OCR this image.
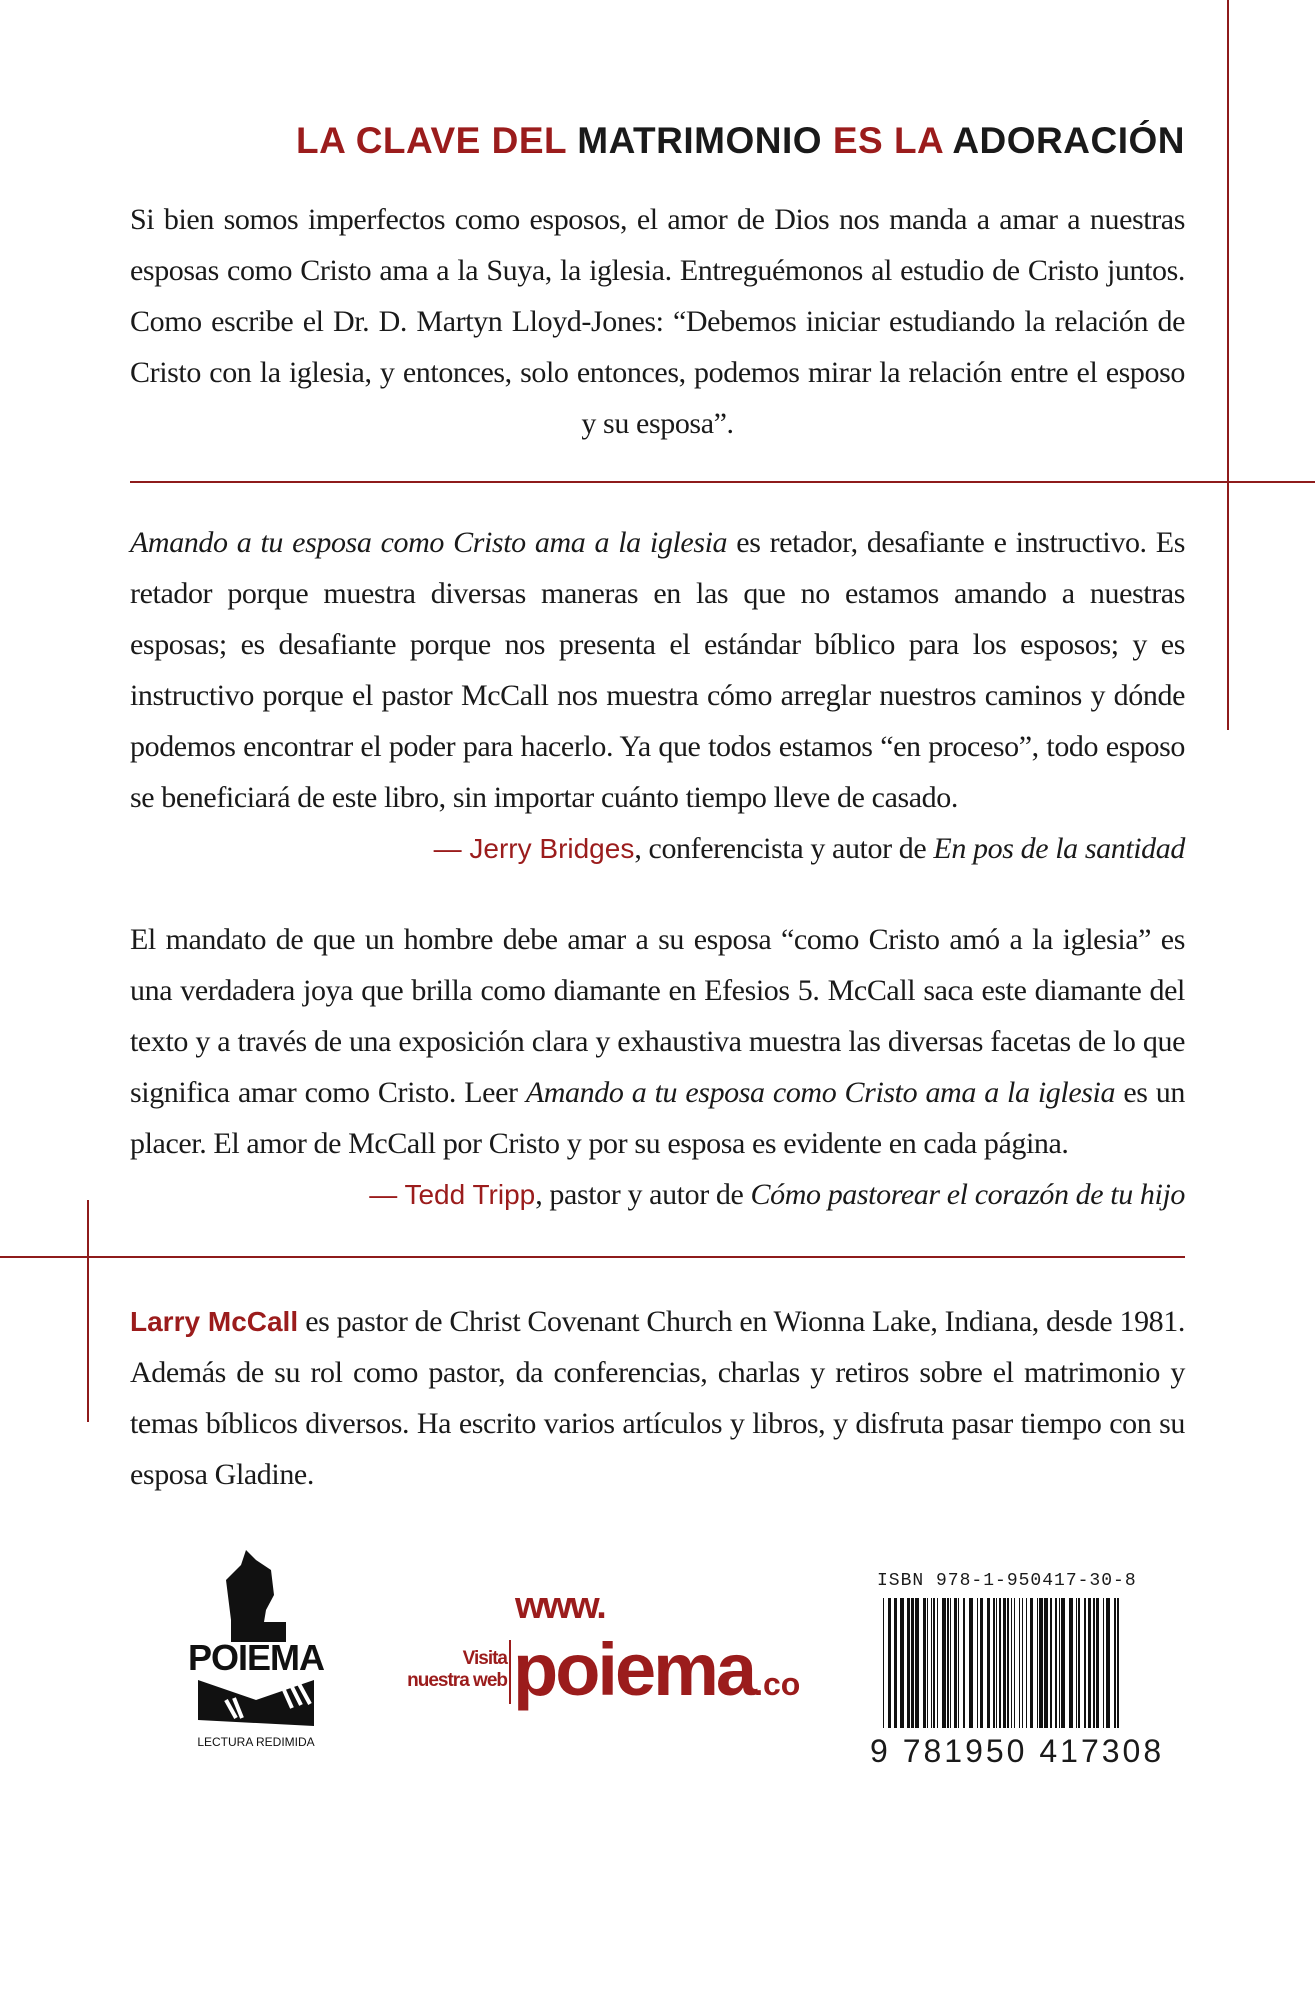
LA CLAVE DEL MATRIMONIO ES LA ADORACIÓN
Si bien somos imperfectos como esposos, el amor de Dios nos manda a amar a nuestras esposas como Cristo ama a la Suya, la iglesia. Entreguémonos al estudio de Cristo juntos. Como escribe el Dr. D. Martyn Lloyd-Jones: “Debemos iniciar estudiando la relación de Cristo con la iglesia, y entonces, solo entonces, podemos mirar la relación entre el esposo y su esposa”.
Amando a tu esposa como Cristo ama a la iglesia es retador, desafiante e instructivo. Es retador porque muestra diversas maneras en las que no estamos amando a nuestras esposas; es desafiante porque nos presenta el estándar bíblico para los esposos; y es instructivo porque el pastor McCall nos muestra cómo arreglar nuestros caminos y dónde podemos encontrar el poder para hacerlo. Ya que todos estamos “en proceso”, todo esposo se beneficiará de este libro, sin importar cuánto tiempo lleve de casado.
— Jerry Bridges, conferencista y autor de En pos de la santidad
El mandato de que un hombre debe amar a su esposa “como Cristo amó a la iglesia” es una verdadera joya que brilla como diamante en Efesios 5. McCall saca este diamante del texto y a través de una exposición clara y exhaustiva muestra las diversas facetas de lo que significa amar como Cristo. Leer Amando a tu esposa como Cristo ama a la iglesia es un placer. El amor de McCall por Cristo y por su esposa es evidente en cada página.
— Tedd Tripp, pastor y autor de Cómo pastorear el corazón de tu hijo
Larry McCall es pastor de Christ Covenant Church en Wionna Lake, Indiana, desde 1981. Además de su rol como pastor, da conferencias, charlas y retiros sobre el matrimonio y temas bíblicos diversos. Ha escrito varios artículos y libros, y disfruta pasar tiempo con su esposa Gladine.
POIEMA
LECTURA REDIMIDA
www.
Visita
nuestra web poiema.co
ISBN 978-1-950417-30-8
9 781950 417308
